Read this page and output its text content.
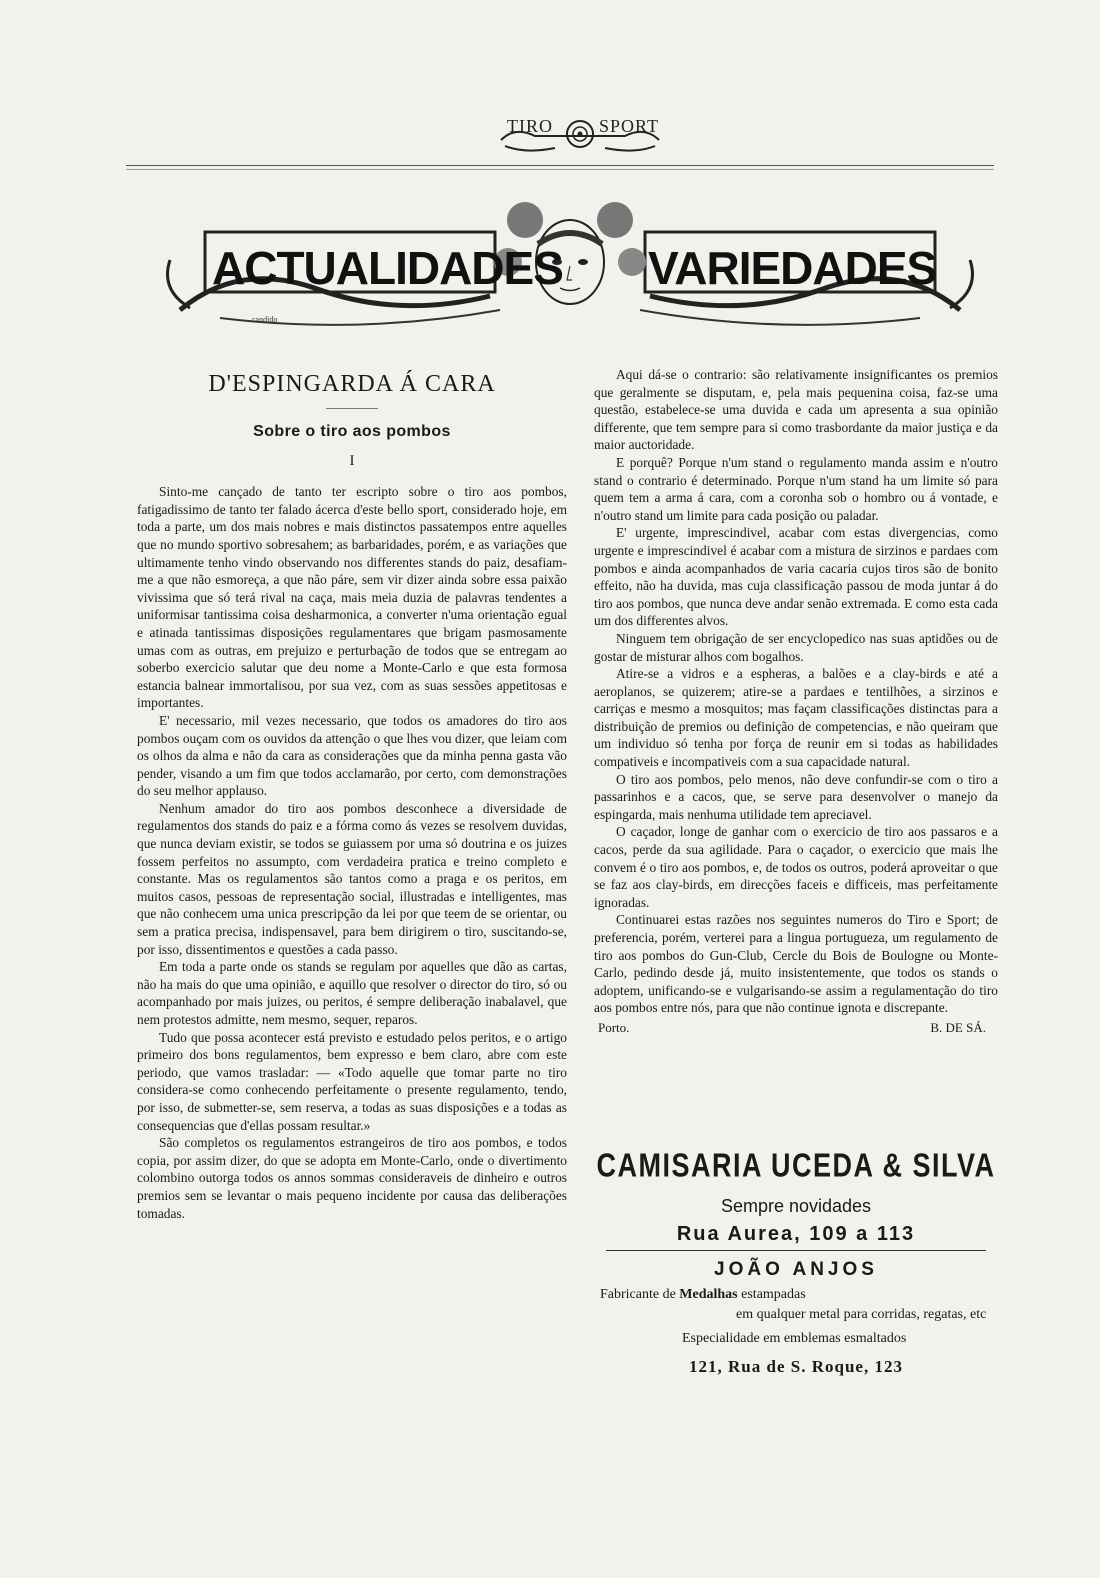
TIRO	SPORT
ACTUALIDADES VARIEDADES
candido
D'ESPINGARDA Á CARA
Sobre o tiro aos pombos
I

Sinto-me cançado de tanto ter escripto sobre o tiro aos pombos, fatigadissimo de tanto ter falado ácerca d'este bello sport, considerado hoje, em toda a parte, um dos mais nobres e mais distinctos passatempos entre aquelles que no mundo sportivo sobresahem; as barbaridades, porém, e as variações que ultimamente tenho vindo observando nos differentes stands do paiz, desafiam-me a que não esmoreça, a que não páre, sem vir dizer ainda sobre essa paixão vivissima que só terá rival na caça, mais meia duzia de palavras tendentes a uniformisar tantissima coisa desharmonica, a converter n'uma orientação egual e atinada tantissimas disposições regulamentares que brigam pasmosamente umas com as outras, em prejuizo e perturbação de todos que se entregam ao soberbo exercicio salutar que deu nome a Monte-Carlo e que esta formosa estancia balnear immortalisou, por sua vez, com as suas sessões appetitosas e importantes.

E' necessario, mil vezes necessario, que todos os amadores do tiro aos pombos ouçam com os ouvidos da attenção o que lhes vou dizer, que leiam com os olhos da alma e não da cara as considerações que da minha penna gasta vão pender, visando a um fim que todos acclamarão, por certo, com demonstrações do seu melhor applauso.

Nenhum amador do tiro aos pombos desconhece a diversidade de regulamentos dos stands do paiz e a fórma como ás vezes se resolvem duvidas, que nunca deviam existir, se todos se guiassem por uma só doutrina e os juizes fossem perfeitos no assumpto, com verdadeira pratica e treino completo e constante. Mas os regulamentos são tantos como a praga e os peritos, em muitos casos, pessoas de representação social, illustradas e intelligentes, mas que não conhecem uma unica prescripção da lei por que teem de se orientar, ou sem a pratica precisa, indispensavel, para bem dirigirem o tiro, suscitando-se, por isso, dissentimentos e questões a cada passo.

Em toda a parte onde os stands se regulam por aquelles que dão as cartas, não ha mais do que uma opinião, e aquillo que resolver o director do tiro, só ou acompanhado por mais juizes, ou peritos, é sempre deliberação inabalavel, que nem protestos admitte, nem mesmo, sequer, reparos.

Tudo que possa acontecer está previsto e estudado pelos peritos, e o artigo primeiro dos bons regulamentos, bem expresso e bem claro, abre com este periodo, que vamos trasladar: — «Todo aquelle que tomar parte no tiro considera-se como conhecendo perfeitamente o presente regulamento, tendo, por isso, de submetter-se, sem reserva, a todas as suas disposições e a todas as consequencias que d'ellas possam resultar.»

São completos os regulamentos estrangeiros de tiro aos pombos, e todos copia, por assim dizer, do que se adopta em Monte-Carlo, onde o divertimento colombino outorga todos os annos sommas consideraveis de dinheiro e outros premios sem se levantar o mais pequeno incidente por causa das deliberações tomadas.

Aqui dá-se o contrario: são relativamente insignificantes os premios que geralmente se disputam, e, pela mais pequenina coisa, faz-se uma questão, estabelece-se uma duvida e cada um apresenta a sua opinião differente, que tem sempre para si como trasbordante da maior justiça e da maior auctoridade.

E porquê? Porque n'um stand o regulamento manda assim e n'outro stand o contrario é determinado. Porque n'um stand ha um limite só para quem tem a arma á cara, com a coronha sob o hombro ou á vontade, e n'outro stand um limite para cada posição ou paladar.

E' urgente, imprescindivel, acabar com estas divergencias, como urgente e imprescindivel é acabar com a mistura de sirzinos e pardaes com pombos e ainda acompanhados de varia cacaria cujos tiros são de bonito effeito, não ha duvida, mas cuja classificação passou de moda juntar á do tiro aos pombos, que nunca deve andar senão extremada. E como esta cada um dos differentes alvos.

Ninguem tem obrigação de ser encyclopedico nas suas aptidões ou de gostar de misturar alhos com bogalhos.

Atire-se a vidros e a espheras, a balões e a clay-birds e até a aeroplanos, se quizerem; atire-se a pardaes e tentilhões, a sirzinos e carriças e mesmo a mosquitos; mas façam classificações distinctas para a distribuição de premios ou definição de competencias, e não queiram que um individuo só tenha por força de reunir em si todas as habilidades compativeis e incompativeis com a sua capacidade natural.

O tiro aos pombos, pelo menos, não deve confundir-se com o tiro a passarinhos e a cacos, que, se serve para desenvolver o manejo da espingarda, mais nenhuma utilidade tem apreciavel.

O caçador, longe de ganhar com o exercicio de tiro aos passaros e a cacos, perde da sua agilidade. Para o caçador, o exercicio que mais lhe convem é o tiro aos pombos, e, de todos os outros, poderá aproveitar o que se faz aos clay-birds, em direcções faceis e difficeis, mas perfeitamente ignoradas.

Continuarei estas razões nos seguintes numeros do Tiro e Sport; de preferencia, porém, verterei para a lingua portugueza, um regulamento de tiro aos pombos do Gun-Club, Cercle du Bois de Boulogne ou Monte-Carlo, pedindo desde já, muito insistentemente, que todos os stands o adoptem, unificando-se e vulgarisando-se assim a regulamentação do tiro aos pombos entre nós, para que não continue ignota e discrepante.

Porto.	B. DE SÁ.
CAMISARIA UCEDA & SILVA
Sempre novidades
Rua Aurea, 109 a 113
JOÃO ANJOS
Fabricante de Medalhas estampadas
em qualquer metal para corridas, regatas, etc
Especialidade em emblemas esmaltados
121, Rua de S. Roque, 123
